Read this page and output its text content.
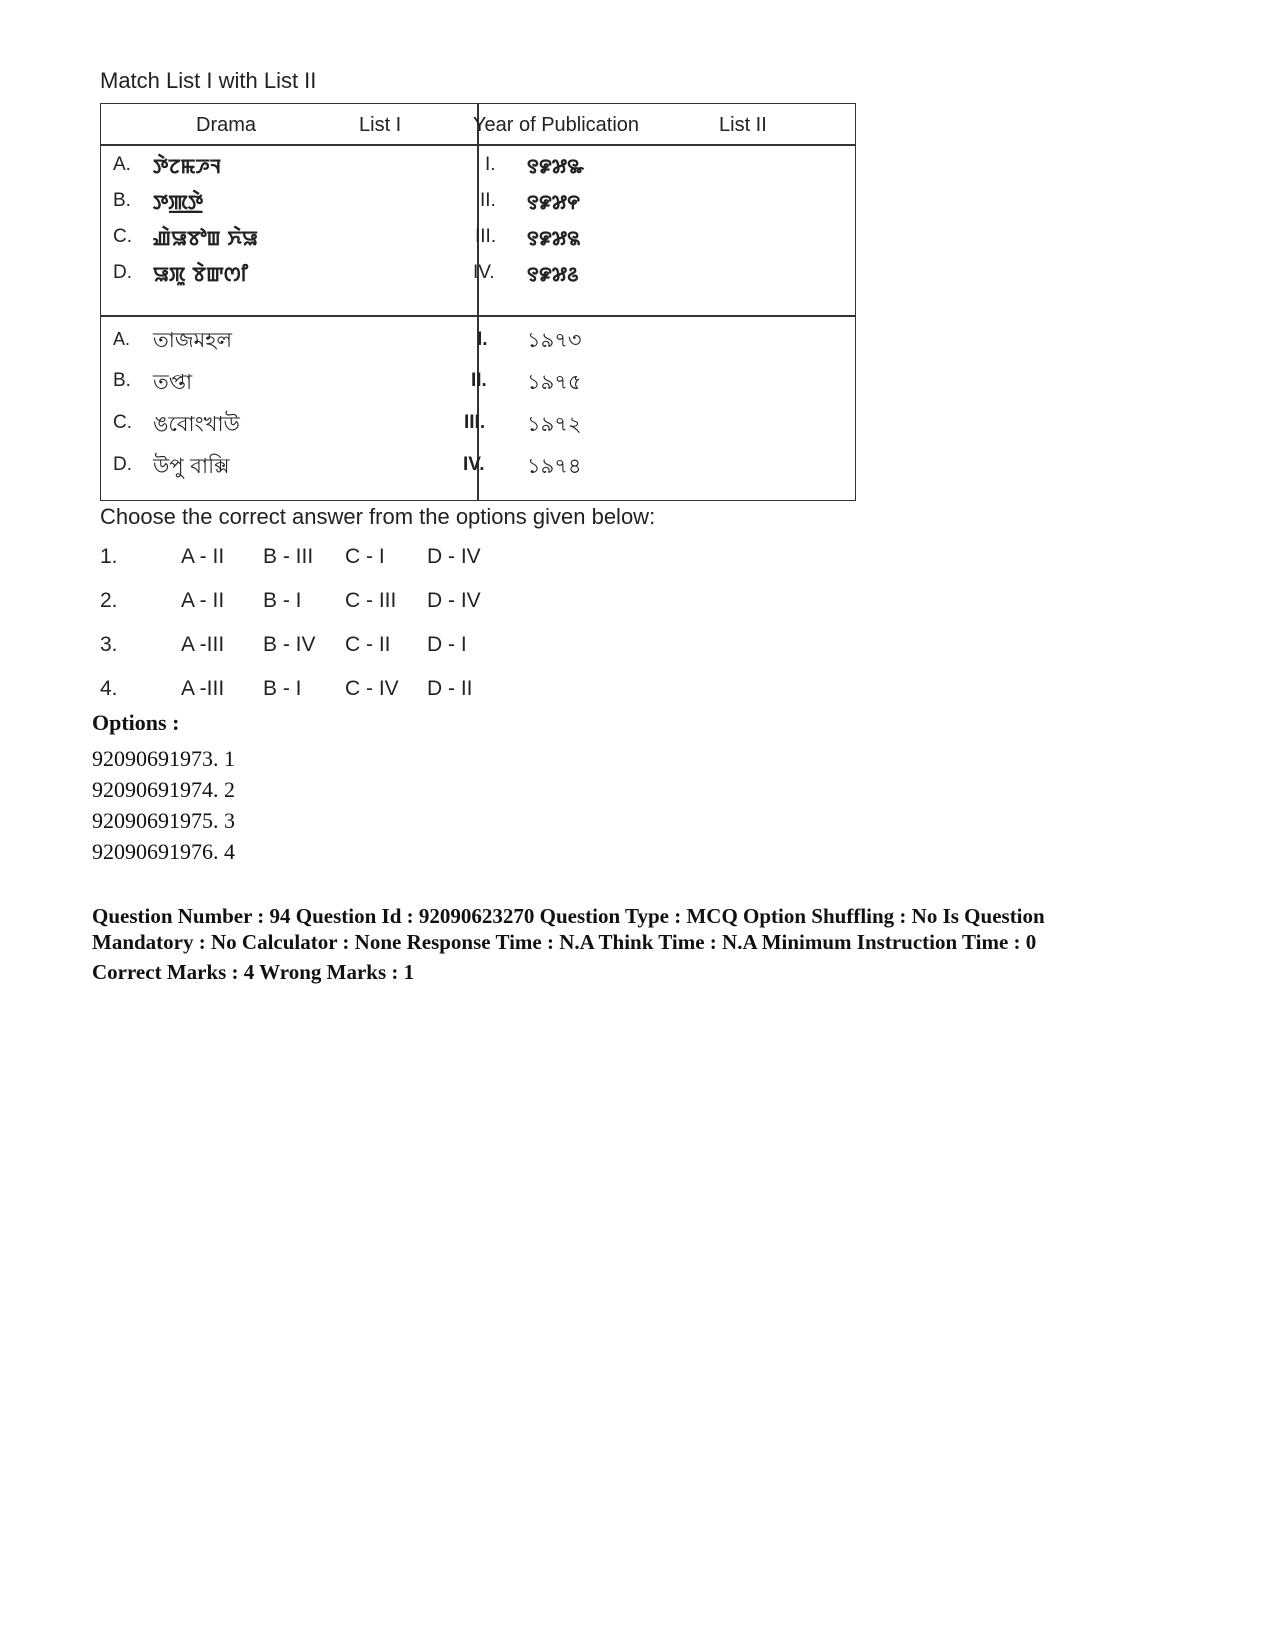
Match List I with List II
Drama	List I	Year of Publication	List II
A. ꯇꯥꯖꯃꯍꯜ	I. ꯱꯹꯷꯳
B. ꯇꯄ꯭ꯇꯥ	II. ꯱꯹꯷꯵
C. ꯉꯥꯎꯕꯣꯡ ꯈꯥꯎ	III. ꯱꯹꯷꯲
D. ꯎꯞꯨ ꯕꯥꯛꯁꯤ	IV. ꯱꯹꯷꯴
A. তাজমহল	I. ১৯৭৩
B. তপ্তা	II. ১৯৭৫
C. ঙবোংখাউ	III. ১৯৭২
D. উপু বাক্সি	IV. ১৯৭৪
Choose the correct answer from the options given below:
1.	A - II B - III C - I D - IV
2.	A - II B - I C - III D - IV
3.	A -III B - IV C - II D - I
4.	A -III B - I C - IV D - II
Options :
92090691973. 1
92090691974. 2
92090691975. 3
92090691976. 4
Question Number : 94 Question Id : 92090623270 Question Type : MCQ Option Shuffling : No Is Question
Mandatory : No Calculator : None Response Time : N.A Think Time : N.A Minimum Instruction Time : 0
Correct Marks : 4 Wrong Marks : 1
